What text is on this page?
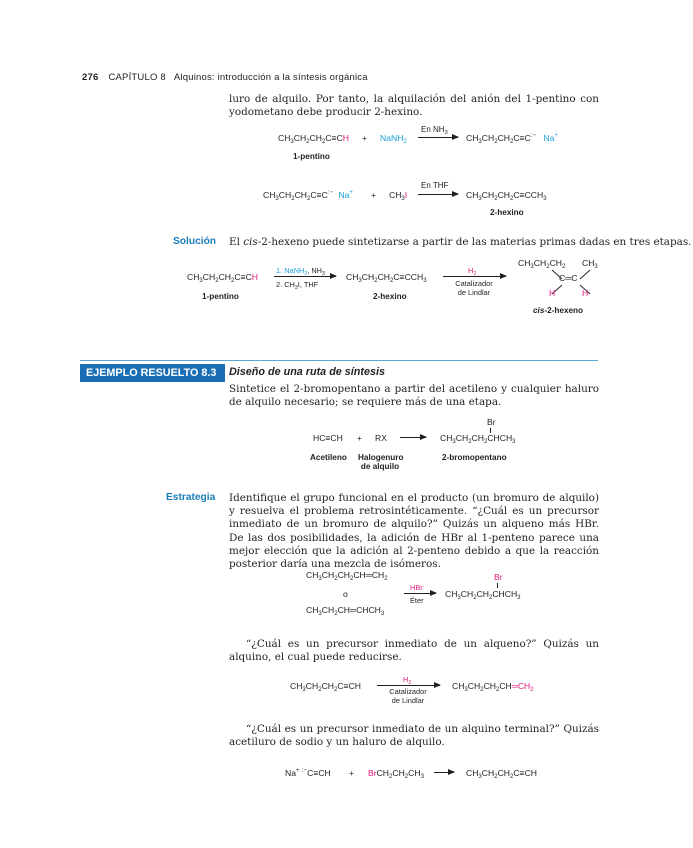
276 CAPÍTULO 8 Alquinos: introducción a la síntesis orgánica
luro de alquilo. Por tanto, la alquilación del anión del 1-pentino con yodometano debe producir 2-hexino.
$CH_3CH_2CH_2C\equiv CH$ + NaNH$_2$
En $NH_3$ $CH_3CH_2CH_2C\equiv C^{:-}$ Na+
1-pentino
$CH_3CH_2CH_2C\equiv C^{:-}$ $Na^+ + CH_3I$
En THF
$CH_3CH_2CH_2C\equiv CCH_3$
2-hexino
Solución El cis-2-hexeno puede sintetizarse a partir de las materias primas dadas en tres etapas.
$CH_3CH_2CH_2C\equiv CH$
1-pentino
1. NaNH$_2$, $NH_3$
2. $CH_3I$, THF
$CH_3CH_2CH_2C\equiv CCH_3$
2-hexino
$H_2$
Catalizador de Lindlar
$CH_3CH_2CH_2$ $CH_3$
C═C
H	H
cis-2-hexeno
EJEMPLO RESUELTO 8.3	Diseño de una ruta de síntesis
Sintetice el 2-bromopentano a partir del acetileno y cualquier haluro de alquilo necesario; se requiere más de una etapa.
HC≡CH + RX
Br
$CH_3CH_2CH_2CHCH_3$
Acetileno Halogenuro
de alquilo
2-bromopentano
Estrategia Identifique el grupo funcional en el producto (un bromuro de alquilo) y resuelva el problema retrosintéticamente. “¿Cuál es un precursor inmediato de un bromuro de alquilo?” Quizás un alqueno más HBr. De las dos posibilidades, la adición de HBr al 1-penteno parece una mejor elección que la adición al 2-penteno debido a que la reacción posterior daría una mezcla de isómeros.
$CH_3CH_2CH_2CH═CH_2$
o
$CH_3CH_2CH═CHCH_3$
HBr
Éter
Br
$CH_3CH_2CH_2CHCH_3$
“¿Cuál es un precursor inmediato de un alqueno?” Quizás un alquino, el cual puede reducirse.
$CH_3CH_2CH_2C\equiv CH$
$H_2$
Catalizador de Lindlar
$CH_3CH_2CH_2CH═CH_2$
“¿Cuál es un precursor inmediato de un alquino terminal?” Quizás acetiluro de sodio y un haluro de alquilo.
Na+ $^{:-}C\equiv CH + BrCH_2CH_2CH_3$	$CH_3CH_2CH_2C\equiv CH$
